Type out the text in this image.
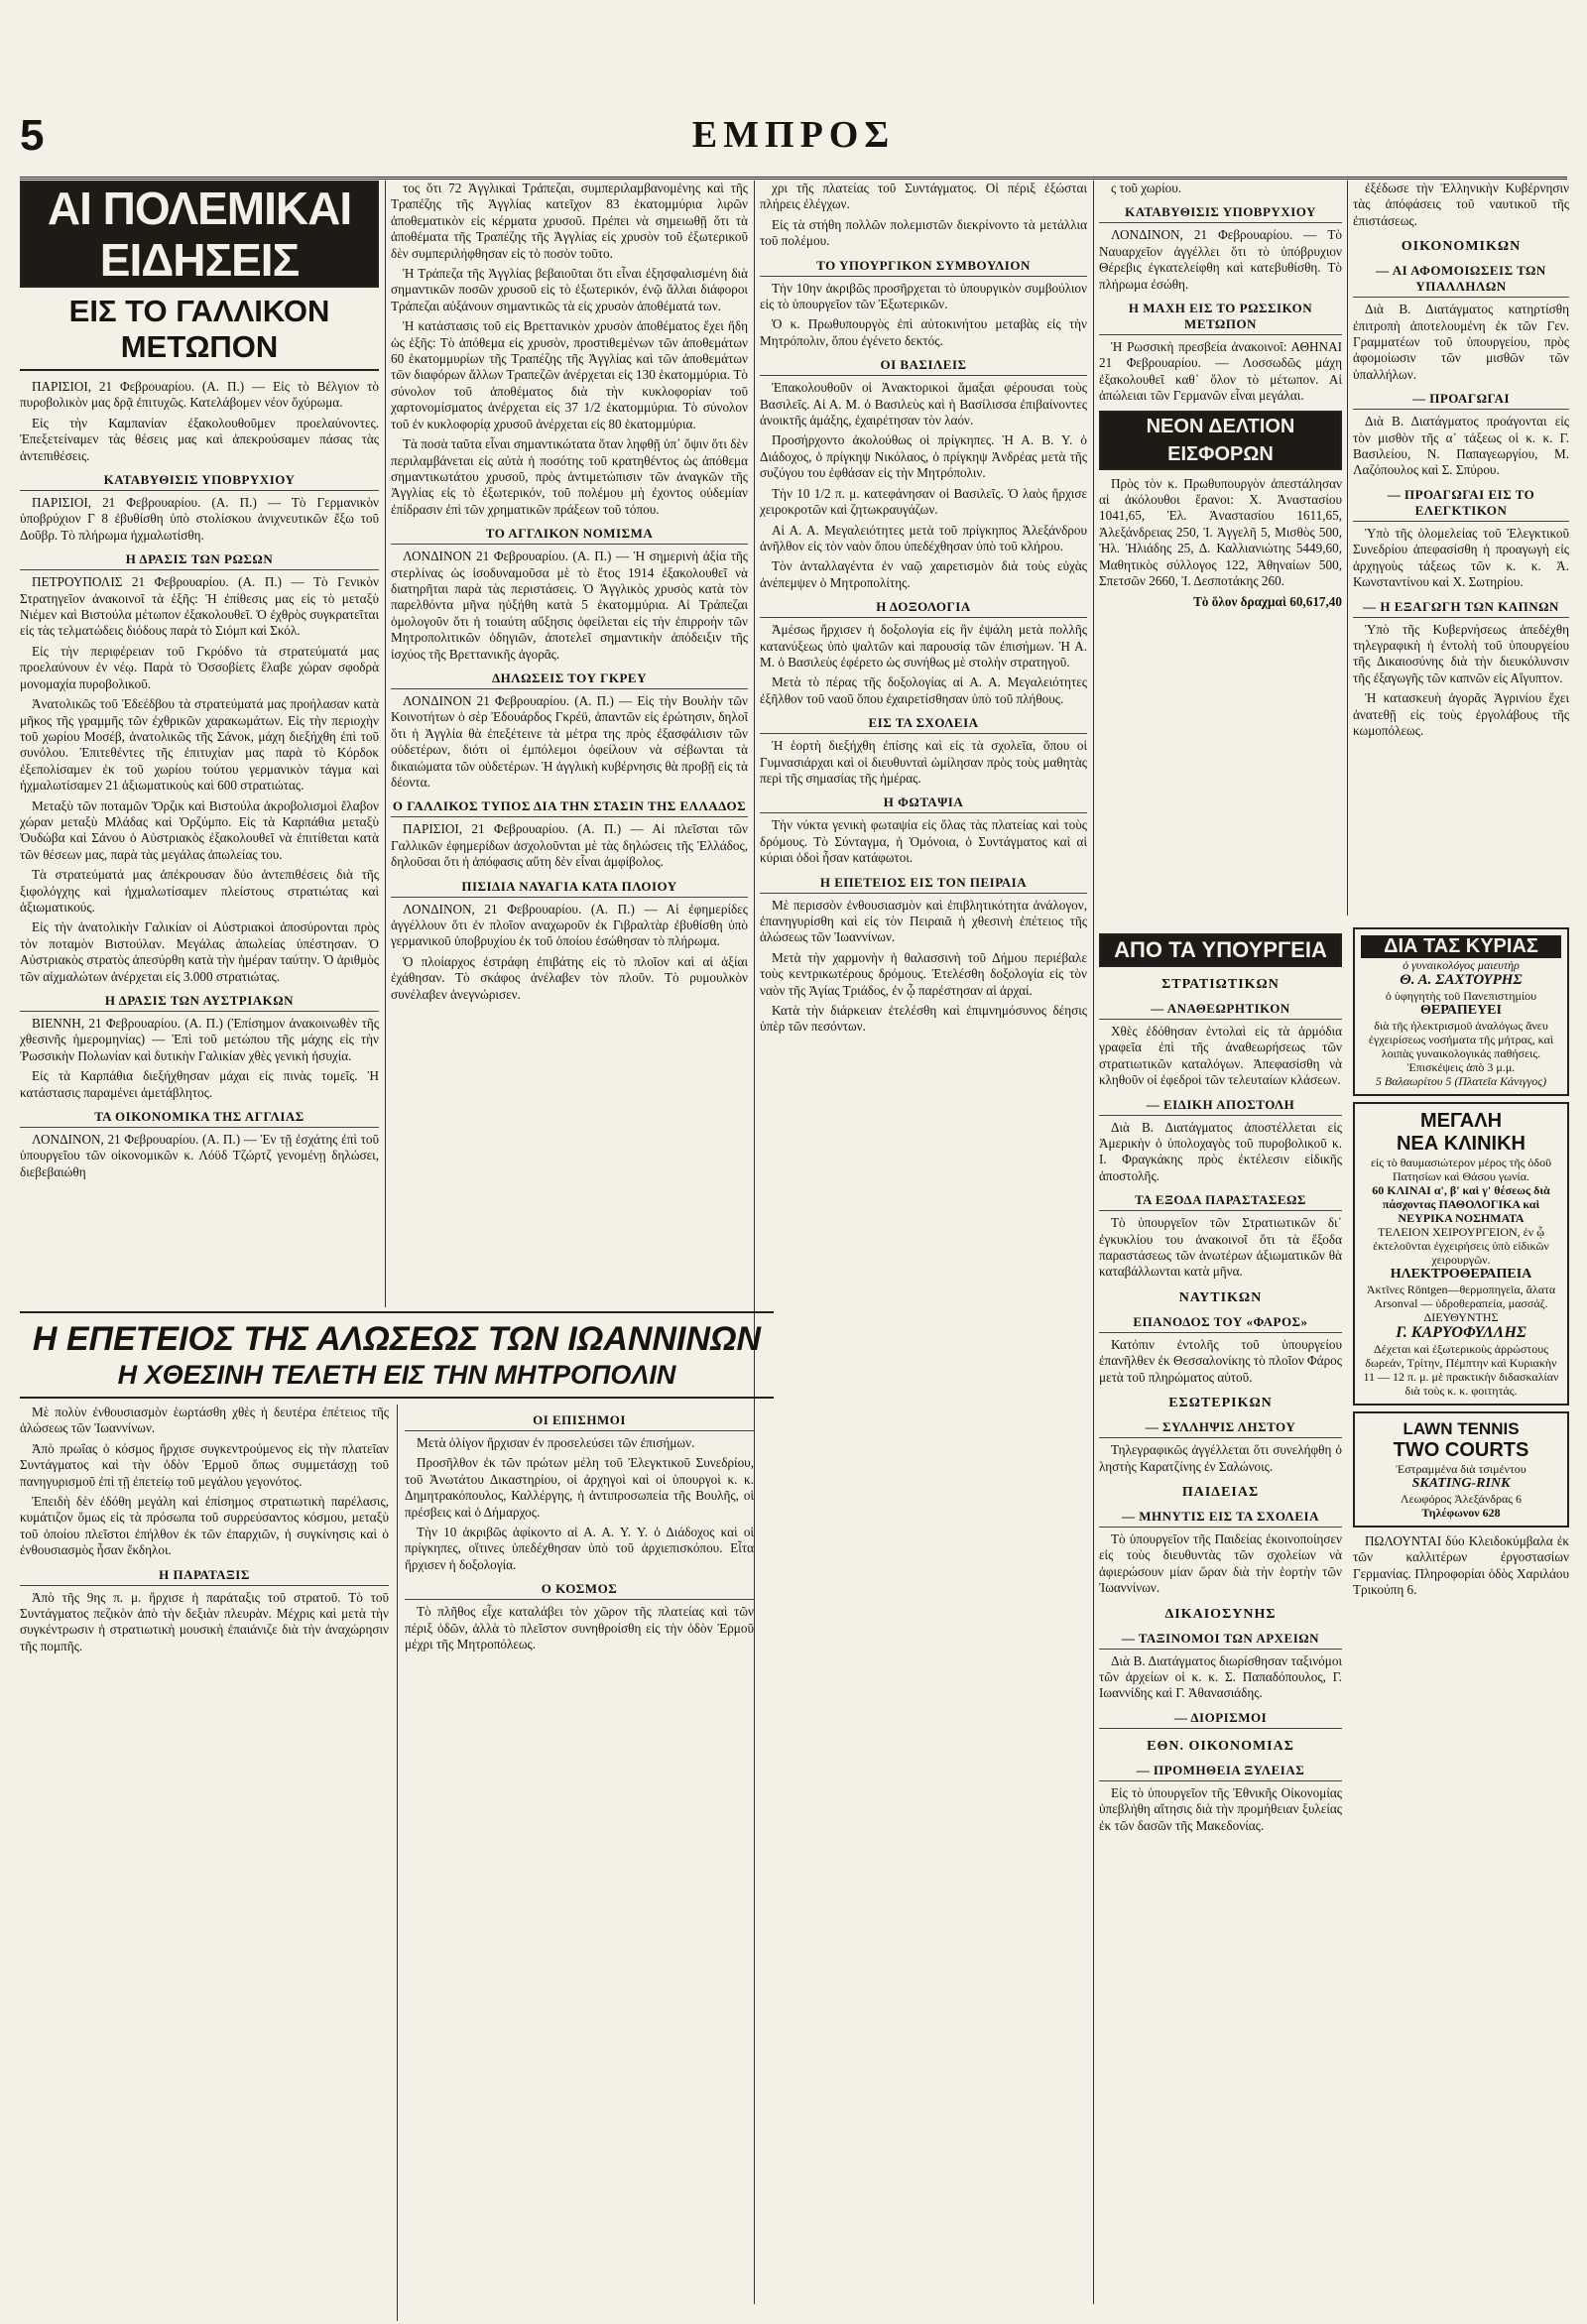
5	ΕΜΠΡΟΣ
ΑΙ ΠΟΛΕΜΙΚΑΙ ΕΙΔΗΣΕΙΣ
ΕΙΣ ΤΟ ΓΑΛΛΙΚΟΝ ΜΕΤΩΠΟΝ

ΠΑΡΙΣΙΟΙ, 21 Φεβρουαρίου. (Α. Π.) — Εἰς τὸ Βέλγιον τὸ πυροβολικὸν μας δρᾷ ἐπιτυχῶς. Κατελάβομεν νέον ὄχύρωμα.

Εἰς τὴν Καμπανίαν ἐξακολουθοῦμεν προελαύνοντες. Ἐπεξετείναμεν τὰς θέσεις μας καὶ ἀπεκρούσαμεν πάσας τὰς ἀντεπιθέσεις.

ΚΑΤΑΒΥΘΙΣΙΣ ΥΠΟΒΡΥΧΙΟΥ

ΠΑΡΙΣΙΟΙ, 21 Φεβρουαρίου. (Α. Π.) — Τὸ Γερμανικὸν ὑποβρύχιον Γ 8 ἐβυθίσθη ὑπὸ στολίσκου ἀνιχνευτικῶν ἔξω τοῦ Δοῦβρ. Τὸ πλήρωμα ἠχμαλωτίσθη.

Η ΔΡΑΣΙΣ ΤΩΝ ΡΩΣΩΝ

ΠΕΤΡΟΥΠΟΛΙΣ 21 Φεβρουαρίου. (Α. Π.) — Τὸ Γενικὸν Στρατηγεῖον ἀνακοινοῖ τὰ ἑξῆς: Ἡ ἐπίθεσις μας εἰς τὸ μεταξὺ Νιέμεν καὶ Βιστούλα μέτωπον ἐξακολουθεῖ. Ὁ ἐχθρὸς συγκρατεῖται εἰς τὰς τελματώδεις διόδους παρὰ τὸ Σιόμπ καὶ Σκόλ.

Εἰς τὴν περιφέρειαν τοῦ Γκρόδνο τὰ στρατεύματά μας προελαύνουν ἐν νέῳ. Παρὰ τὸ Ὀσσοβίετς ἔλαβε χώραν σφοδρὰ μονομαχία πυροβολικοῦ.

Ἀνατολικῶς τοῦ Ἐδεέδβου τὰ στρατεύματά μας προήλασαν κατὰ μῆκος τῆς γραμμῆς τῶν ἐχθρικῶν χαρακωμάτων. Εἰς τὴν περιοχὴν τοῦ χωρίου Μοσέβ, ἀνατολικῶς τῆς Σάνοκ, μάχη διεξήχθη ἐπὶ τοῦ συνόλου. Ἐπιτεθέντες τῆς ἐπιτυχίαν μας παρὰ τὸ Κόρδοκ ἐξεπολίσαμεν ἐκ τοῦ χωρίου τούτου γερμανικὸν τάγμα καὶ ἠχμαλωτίσαμεν 21 ἀξιωματικοὺς καὶ 600 στρατιώτας.

Μεταξὺ τῶν ποταμῶν Ὄρζικ καὶ Βιστούλα ἀκροβολισμοὶ ἔλαβον χώραν μεταξὺ Μλάδας καὶ Ὀρζύμπο. Εἰς τὰ Καρπάθια μεταξὺ Ὀυδώβα καὶ Σάνου ὁ Αὐστριακὸς ἐξακολουθεῖ νὰ ἐπιτίθεται κατὰ τῶν θέσεων μας, παρὰ τὰς μεγάλας ἀπωλείας του.

Τὰ στρατεύματά μας ἀπέκρουσαν δύο ἀντεπιθέσεις διὰ τῆς ξιφολόγχης καὶ ἠχμαλωτίσαμεν πλείστους στρατιώτας καὶ ἀξιωματικούς.

Εἰς τὴν ἀνατολικὴν Γαλικίαν οἱ Αὐστριακοὶ ἀποσύρονται πρὸς τὸν ποταμὸν Βιστούλαν. Μεγάλας ἀπωλείας ὑπέστησαν. Ὁ Αὐστριακὸς στρατὸς ἀπεσύρθη κατὰ τὴν ἡμέραν ταύτην. Ὁ ἀριθμὸς τῶν αἰχμαλώτων ἀνέρχεται εἰς 3.000 στρατιώτας.

Η ΔΡΑΣΙΣ ΤΩΝ ΑΥΣΤΡΙΑΚΩΝ

ΒΙΕΝΝΗ, 21 Φεβρουαρίου. (Α. Π.) (Ἐπίσημον ἀνακοινωθὲν τῆς χθεσινῆς ἡμερομηνίας) — Ἐπὶ τοῦ μετώπου τῆς μάχης εἰς τὴν Ῥωσσικὴν Πολωνίαν καὶ δυτικὴν Γαλικίαν χθὲς γενικὴ ἡσυχία.

Εἰς τὰ Καρπάθια διεξήχθησαν μάχαι εἰς πινὰς τομεῖς. Ἡ κατάστασις παραμένει ἀμετάβλητος.

ΤΑ ΟΙΚΟΝΟΜΙΚΑ ΤΗΣ ΑΓΓΛΙΑΣ

ΛΟΝΔΙΝΟΝ, 21 Φεβρουαρίου. (Α. Π.) — Ἐν τῇ ἐσχάτης ἐπὶ τοῦ ὑπουργεῖου τῶν οἰκονομικῶν κ. Λόϋδ Τζώρτζ γενομένῃ δηλώσει, διεβεβαιώθη

τος ὅτι 72 Ἀγγλικαὶ Τράπεζαι, συμπεριλαμβανομένης καὶ τῆς Τραπέζης τῆς Ἀγγλίας κατεῖχον 83 ἑκατομμύρια λιρῶν ἀποθεματικὸν εἰς κέρματα χρυσοῦ. Πρέπει νὰ σημειωθῇ ὅτι τὰ ἀποθέματα τῆς Τραπέζης τῆς Ἀγγλίας εἰς χρυσὸν τοῦ ἐξωτερικοῦ δὲν συμπεριλήφθησαν εἰς τὸ ποσὸν τοῦτο.

Ἡ Τράπεζα τῆς Ἀγγλίας βεβαιοῦται ὅτι εἶναι ἐξησφαλισμένη διὰ σημαντικῶν ποσῶν χρυσοῦ εἰς τὸ ἐξωτερικόν, ἐνῷ ἄλλαι διάφοροι Τράπεζαι αὐξάνουν σημαντικῶς τὰ εἰς χρυσὸν ἀποθέματά των.

Ἡ κατάστασις τοῦ εἰς Βρεττανικὸν χρυσὸν ἀποθέματος ἔχει ἤδη ὡς ἑξῆς: Τὸ ἀπόθεμα εἰς χρυσὸν, προστιθεμένων τῶν ἀποθεμάτων 60 ἑκατομμυρίων τῆς Τραπέζης τῆς Ἀγγλίας καὶ τῶν ἀποθεμάτων τῶν διαφόρων ἄλλων Τραπεζῶν ἀνέρχεται εἰς 130 ἑκατομμύρια. Τὸ σύνολον τοῦ ἀποθέματος διὰ τὴν κυκλοφορίαν τοῦ χαρτονομίσματος ἀνέρχεται εἰς 37 1/2 ἑκατομμύρια. Τὸ σύνολον τοῦ ἐν κυκλοφορίᾳ χρυσοῦ ἀνέρχεται εἰς 80 ἑκατομμύρια.

Τὰ ποσὰ ταῦτα εἶναι σημαντικώτατα ὅταν ληφθῇ ὑπ᾽ ὄψιν ὅτι δὲν περιλαμβάνεται εἰς αὐτὰ ἡ ποσότης τοῦ κρατηθέντος ὡς ἀπόθεμα σημαντικωτάτου χρυσοῦ, πρὸς ἀντιμετώπισιν τῶν ἀναγκῶν τῆς Ἀγγλίας εἰς τὸ ἐξωτερικόν, τοῦ πολέμου μὴ ἐχοντος οὐδεμίαν ἐπίδρασιν ἐπὶ τῶν χρηματικῶν πράξεων τοῦ τόπου.

ΤΟ ΑΓΓΛΙΚΟΝ ΝΟΜΙΣΜΑ

ΛΟΝΔΙΝΟΝ 21 Φεβρουαρίου. (Α. Π.) — Ἡ σημερινὴ ἀξία τῆς στερλίνας ὡς ἰσοδυναμοῦσα μὲ τὸ ἔτος 1914 ἐξακολουθεῖ νὰ διατηρῆται παρὰ τὰς περιστάσεις. Ὁ Ἀγγλικὸς χρυσὸς κατὰ τὸν παρελθόντα μῆνα ηὐξήθη κατὰ 5 ἑκατομμύρια. Αἱ Τράπεζαι ὁμολογοῦν ὅτι ἡ τοιαύτη αὔξησις ὀφείλεται εἰς τὴν ἐπιρροὴν τῶν Μητροπολιτικῶν ὁδηγιῶν, ἀποτελεῖ σημαντικὴν ἀπόδειξιν τῆς ἰσχύος τῆς Βρεττανικῆς ἀγορᾶς.

ΔΗΛΩΣΕΙΣ ΤΟΥ ΓΚΡΕΥ

ΛΟΝΔΙΝΟΝ 21 Φεβρουαρίου. (Α. Π.) — Εἰς τὴν Βουλὴν τῶν Κοινοτήτων ὁ σὲρ Ἐδουάρδος Γκρέϋ, ἀπαντῶν εἰς ἐρώτησιν, δηλοῖ ὅτι ἡ Ἀγγλία θὰ ἐπεξέτεινε τὰ μέτρα της πρὸς ἐξασφάλισιν τῶν οὐδετέρων, διότι οἱ ἐμπόλεμοι ὀφείλουν νὰ σέβωνται τὰ δικαιώματα τῶν οὐδετέρων. Ἡ ἀγγλικὴ κυβέρνησις θὰ προβῇ εἰς τὰ δέοντα.

Ο ΓΑΛΛΙΚΟΣ ΤΥΠΟΣ ΔΙΑ ΤΗΝ ΣΤΑΣΙΝ ΤΗΣ ΕΛΛΑΔΟΣ

ΠΑΡΙΣΙΟΙ, 21 Φεβρουαρίου. (Α. Π.) — Αἱ πλεῖσται τῶν Γαλλικῶν ἐφημερίδων ἀσχολοῦνται μὲ τὰς δηλώσεις τῆς Ἑλλάδος, δηλοῦσαι ὅτι ἡ ἀπόφασις αὕτη δὲν εἶναι ἀμφίβολος.

ΠΙΣΙΔΙΑ ΝΑΥΑΓΙΑ ΚΑΤΑ ΠΛΟΙΟΥ

ΛΟΝΔΙΝΟΝ, 21 Φεβρουαρίου. (Α. Π.) — Αἱ ἐφημερίδες ἀγγέλλουν ὅτι ἐν πλοῖον αναχωροῦν ἐκ Γιβραλτὰρ ἐβυθίσθη ὑπὸ γερμανικοῦ ὑποβρυχίου ἐκ τοῦ ὁποίου ἐσώθησαν τὸ πλήρωμα.

Ὁ πλοίαρχος ἐστράφη ἐπιβάτης εἰς τὸ πλοῖον καὶ αἱ ἀξίαι ἐχάθησαν. Τὸ σκάφος ἀνέλαβεν τὸν πλοῦν. Τὸ ρυμουλκὸν συνέλαβεν ἀνεγνώρισεν.

Η ΕΠΕΤΕΙΟΣ ΤΗΣ ΑΛΩΣΕΩΣ ΤΩΝ ΙΩΑΝΝΙΝΩΝ
Η ΧΘΕΣΙΝΗ ΤΕΛΕΤΗ ΕΙΣ ΤΗΝ ΜΗΤΡΟΠΟΛΙΝ

Μὲ πολὺν ἐνθουσιασμὸν ἑωρτάσθη χθὲς ἡ δευτέρα ἐπέτειος τῆς ἁλώσεως τῶν Ἰωαννίνων.

Ἀπὸ πρωΐας ὁ κόσμος ἤρχισε συγκεντρούμενος εἰς τὴν πλατεῖαν Συντάγματος καὶ τὴν ὁδὸν Ἑρμοῦ ὅπως συμμετάσχῃ τοῦ πανηγυρισμοῦ ἐπὶ τῇ ἐπετείῳ τοῦ μεγάλου γεγονότος.

Ἐπειδὴ δὲν ἐδόθη μεγάλη καὶ ἐπίσημος στρατιωτικὴ παρέλασις, κυμάτιζον ὅμως εἰς τὰ πρόσωπα τοῦ συρρεύσαντος κόσμου, μεταξὺ τοῦ ὁποίου πλεῖστοι ἐπήλθον ἐκ τῶν ἐπαρχιῶν, ἡ συγκίνησις καὶ ὁ ἐνθουσιασμὸς ἦσαν ἔκδηλοι.

Η ΠΑΡΑΤΑΞΙΣ

Ἀπὸ τῆς 9ης π. μ. ἤρχισε ἡ παράταξις τοῦ στρατοῦ. Τὸ τοῦ Συντάγματος πεζικὸν ἀπὸ τὴν δεξιὰν πλευρὰν. Μέχρις καὶ μετὰ τὴν συγκέντρωσιν ἡ στρατιωτικὴ μουσικὴ ἐπαιάνιζε διὰ τὴν ἀναχώρησιν τῆς πομπῆς.

ΟΙ ΕΠΙΣΗΜΟΙ

Μετὰ ὀλίγον ἤρχισαν ἐν προσελεύσει τῶν ἐπισήμων.

Προσῆλθον ἐκ τῶν πρώτων μέλη τοῦ Ἐλεγκτικοῦ Συνεδρίου, τοῦ Ἀνωτάτου Δικαστηρίου, οἱ ἀρχηγοὶ καὶ οἱ ὑπουργοὶ κ. κ. Δημητρακόπουλος, Καλλέργης, ἡ ἀντιπροσωπεία τῆς Βουλῆς, οἱ πρέσβεις καὶ ὁ Δήμαρχος.

Τὴν 10 ἀκριβῶς ἀφίκοντο αἱ Α. Α. Υ. Υ. ὁ Διάδοχος καὶ οἱ πρίγκηπες, οἵτινες ὑπεδέχθησαν ὑπὸ τοῦ ἀρχιεπισκόπου. Εἶτα ἤρχισεν ἡ δοξολογία.

Ο ΚΟΣΜΟΣ

Τὸ πλῆθος εἶχε καταλάβει τὸν χῶρον τῆς πλατείας καὶ τῶν πέριξ ὁδῶν, ἀλλὰ τὸ πλεῖστον συνηθροίσθη εἰς τὴν ὁδὸν Ἑρμοῦ μέχρι τῆς Μητροπόλεως.

χρι τῆς πλατείας τοῦ Συντάγματος. Οἱ πέριξ ἐξώσται πλήρεις ἐλέγχων.

Εἰς τὰ στήθη πολλῶν πολεμιστῶν διεκρίνοντο τὰ μετάλλια τοῦ πολέμου.

ΤΟ ΥΠΟΥΡΓΙΚΟΝ ΣΥΜΒΟΥΛΙΟΝ

Τὴν 10ην ἀκριβῶς προσῆρχεται τὸ ὑπουργικὸν συμβούλιον εἰς τὸ ὑπουργεῖον τῶν Ἐξωτερικῶν.

Ὁ κ. Πρωθυπουργὸς ἐπὶ αὐτοκινήτου μεταβὰς εἰς τὴν Μητρόπολιν, ὅπου ἐγένετο δεκτός.

ΟΙ ΒΑΣΙΛΕΙΣ

Ἐπακολουθοῦν οἱ Ἀνακτορικοὶ ἅμαξαι φέρουσαι τοὺς Βασιλεῖς. Αἱ Α. Μ. ὁ Βασιλεὺς καὶ ἡ Βασίλισσα ἐπιβαίνοντες ἀνοικτῆς ἁμάξης, ἐχαιρέτησαν τὸν λαόν.

Προσήρχοντο ἀκολούθως οἱ πρίγκηπες. Ἡ Α. Β. Υ. ὁ Διάδοχος, ὁ πρίγκηψ Νικόλαος, ὁ πρίγκηψ Ἀνδρέας μετὰ τῆς συζύγου του ἐφθάσαν εἰς τὴν Μητρόπολιν.

Τὴν 10 1/2 π. μ. κατεφάνησαν οἱ Βασιλεῖς. Ὁ λαὸς ἤρχισε χειροκροτῶν καὶ ζητωκραυγάζων.

Αἱ Α. Α. Μεγαλειότητες μετὰ τοῦ πρίγκηπος Ἀλεξάνδρου ἀνῆλθον εἰς τὸν ναὸν ὅπου ὑπεδέχθησαν ὑπὸ τοῦ κλήρου.

Τὸν ἀνταλλαγέντα ἐν ναῷ χαιρετισμὸν διὰ τοὺς εὐχὰς ἀνέπεμψεν ὁ Μητροπολίτης.

Η ΔΟΞΟΛΟΓΙΑ

Ἀμέσως ἤρχισεν ἡ δοξολογία εἰς ἣν ἐψάλη μετὰ πολλῆς κατανύξεως ὑπὸ ψαλτῶν καὶ παρουσίᾳ τῶν ἐπισήμων. Ἡ Α. Μ. ὁ Βασιλεὺς ἐφέρετο ὡς συνήθως μὲ στολὴν στρατηγοῦ.

Μετὰ τὸ πέρας τῆς δοξολογίας αἱ Α. Α. Μεγαλειότητες ἐξῆλθον τοῦ ναοῦ ὅπου ἐχαιρετίσθησαν ὑπὸ τοῦ πλήθους.

ΕΙΣ ΤΑ ΣΧΟΛΕΙΑ

Ἡ ἑορτὴ διεξήχθη ἐπίσης καὶ εἰς τὰ σχολεῖα, ὅπου οἱ Γυμνασιάρχαι καὶ οἱ διευθυνταὶ ὡμίλησαν πρὸς τοὺς μαθητὰς περὶ τῆς σημασίας τῆς ἡμέρας.

Η ΦΩΤΑΨΙΑ

Τὴν νύκτα γενικὴ φωταψία εἰς ὅλας τὰς πλατείας καὶ τοὺς δρόμους. Τὸ Σύνταγμα, ἡ Ὁμόνοια, ὁ Συντάγματος καὶ αἱ κύριαι ὁδοὶ ἦσαν κατάφωτοι.

Η ΕΠΕΤΕΙΟΣ ΕΙΣ ΤΟΝ ΠΕΙΡΑΙΑ

Μὲ περισσὸν ἐνθουσιασμὸν καὶ ἐπιβλητικότητα ἀνάλογον, ἐπανηγυρίσθη καὶ εἰς τὸν Πειραιᾶ ἡ χθεσινὴ ἐπέτειος τῆς ἁλώσεως τῶν Ἰωαννίνων.

Μετὰ τὴν χαρμονὴν ἡ θαλασσινὴ τοῦ Δήμου περιέβαλε τοὺς κεντρικωτέρους δρόμους. Ἐτελέσθη δοξολογία εἰς τὸν ναὸν τῆς Ἁγίας Τριάδος, ἐν ᾧ παρέστησαν αἱ ἀρχαί.

Κατὰ τὴν διάρκειαν ἐτελέσθη καὶ ἐπιμνημόσυνος δέησις ὑπὲρ τῶν πεσόντων.

ς τοῦ χωρίου.

ΚΑΤΑΒΥΘΙΣΙΣ ΥΠΟΒΡΥΧΙΟΥ

ΛΟΝΔΙΝΟΝ, 21 Φεβρουαρίου. — Τὸ Ναυαρχεῖον ἀγγέλλει ὅτι τὸ ὑπόβρυχιον Θέρεβις ἐγκατελείφθη καὶ κατεβυθίσθη. Τὸ πλήρωμα ἐσώθη.

Η ΜΑΧΗ ΕΙΣ ΤΟ ΡΩΣΣΙΚΟΝ ΜΕΤΩΠΟΝ

Ἡ Ρωσσικὴ πρεσβεία ἀνακοινοῖ: ΑΘΗΝΑΙ 21 Φεβρουαρίου. — Λοσσωδῶς μάχη ἐξακολουθεῖ καθ᾽ ὅλον τὸ μέτωπον. Αἱ ἀπώλειαι τῶν Γερμανῶν εἶναι μεγάλαι.

ΝΕΟΝ ΔΕΛΤΙΟΝ ΕΙΣΦΟΡΩΝ

Πρὸς τὸν κ. Πρωθυπουργὸν ἀπεστάλησαν αἱ ἀκόλουθοι ἔρανοι: Χ. Ἀναστασίου 1041,65, Ἑλ. Ἀναστασίου 1611,65, Ἀλεξάνδρειας 250, Ἰ. Ἀγγελῆ 5, Μισθὸς 500, Ἠλ. Ἠλιάδης 25, Δ. Καλλιανιώτης 5449,60, Μαθητικὸς σύλλογος 122, Ἀθηναίων 500, Σπετσῶν 2660, Ἰ. Δεσποτάκης 260.

Τὸ ὅλον δραχμαὶ 60,617,40

ΑΠΟ ΤΑ ΥΠΟΥΡΓΕΙΑ
ΣΤΡΑΤΙΩΤΙΚΩΝ
— ΑΝΑΘΕΩΡΗΤΙΚΟΝ

Χθὲς ἐδόθησαν ἐντολαὶ εἰς τὰ ἀρμόδια γραφεῖα ἐπὶ τῆς ἀναθεωρήσεως τῶν στρατιωτικῶν καταλόγων. Ἀπεφασίσθη νὰ κληθοῦν οἱ ἐφεδροὶ τῶν τελευταίων κλάσεων.

— ΕΙΔΙΚΗ ΑΠΟΣΤΟΛΗ

Διὰ Β. Διατάγματος ἀποστέλλεται εἰς Ἀμερικὴν ὁ ὑπολοχαγὸς τοῦ πυροβολικοῦ κ. Ι. Φραγκάκης πρὸς ἐκτέλεσιν εἰδικῆς ἀποστολῆς.

ΤΑ ΕΞΟΔΑ ΠΑΡΑΣΤΑΣΕΩΣ

Τὸ ὑπουργεῖον τῶν Στρατιωτικῶν δι᾽ ἐγκυκλίου του ἀνακοινοῖ ὅτι τὰ ἔξοδα παραστάσεως τῶν ἀνωτέρων ἀξιωματικῶν θὰ καταβάλλωνται κατὰ μῆνα.

ΝΑΥΤΙΚΩΝ
ΕΠΑΝΟΔΟΣ ΤΟΥ «ΦΑΡΟΣ»

Κατόπιν ἐντολῆς τοῦ ὑπουργείου ἐπανῆλθεν ἐκ Θεσσαλονίκης τὸ πλοῖον Φάρος μετὰ τοῦ πληρώματος αὐτοῦ.

ΕΣΩΤΕΡΙΚΩΝ
— ΣΥΛΛΗΨΙΣ ΛΗΣΤΟΥ

Τηλεγραφικῶς ἀγγέλλεται ὅτι συνελήφθη ὁ ληστὴς Καρατζίνης ἐν Σαλώνοις.

ΠΑΙΔΕΙΑΣ
— ΜΗΝΥΤΙΣ ΕΙΣ ΤΑ ΣΧΟΛΕΙΑ

Τὸ ὑπουργεῖον τῆς Παιδείας ἐκοινοποίησεν εἰς τοὺς διευθυντὰς τῶν σχολείων νὰ ἀφιερώσουν μίαν ὥραν διὰ τὴν ἑορτὴν τῶν Ἰωαννίνων.

ΔΙΚΑΙΟΣΥΝΗΣ
— ΤΑΞΙΝΟΜΟΙ ΤΩΝ ΑΡΧΕΙΩΝ

Διὰ Β. Διατάγματος διωρίσθησαν ταξινόμοι τῶν ἀρχείων οἱ κ. κ. Σ. Παπαδόπουλος, Γ. Ιωαννίδης καὶ Γ. Ἀθανασιάδης.

— ΔΙΟΡΙΣΜΟΙ
ΕΘΝ. ΟΙΚΟΝΟΜΙΑΣ
— ΠΡΟΜΗΘΕΙΑ ΞΥΛΕΙΑΣ

Εἰς τὸ ὑπουργεῖον τῆς Ἐθνικῆς Οἰκονομίας ὑπεβλήθη αἴτησις διὰ τὴν προμήθειαν ξυλείας ἐκ τῶν δασῶν τῆς Μακεδονίας.

ἐξέδωσε τὴν Ἑλληνικὴν Κυβέρνησιν τὰς ἀπόφάσεις τοῦ ναυτικοῦ τῆς ἐπιστάσεως.

ΟΙΚΟΝΟΜΙΚΩΝ
— ΑΙ ΑΦΟΜΟΙΩΣΕΙΣ ΤΩΝ ΥΠΑΛΛΗΛΩΝ

Διὰ Β. Διατάγματος κατηρτίσθη ἐπιτροπὴ ἀποτελουμένη ἐκ τῶν Γεν. Γραμματέων τοῦ ὑπουργείου, πρὸς ἀφομοίωσιν τῶν μισθῶν τῶν ὑπαλλήλων.

— ΠΡΟΑΓΩΓΑΙ

Διὰ Β. Διατάγματος προάγονται εἰς τὸν μισθὸν τῆς α᾽ τάξεως οἱ κ. κ. Γ. Βασιλείου, Ν. Παπαγεωργίου, Μ. Λαζόπουλος καὶ Σ. Σπύρου.

— ΠΡΟΑΓΩΓΑΙ ΕΙΣ ΤΟ ΕΛΕΓΚΤΙΚΟΝ

Ὑπὸ τῆς ὁλομελείας τοῦ Ἐλεγκτικοῦ Συνεδρίου ἀπεφασίσθη ἡ προαγωγὴ εἰς ἀρχηγοὺς τάξεως τῶν κ. κ. Ἀ. Κωνσταντίνου καὶ Χ. Σωτηρίου.

— Η ΕΞΑΓΩΓΗ ΤΩΝ ΚΑΠΝΩΝ

Ὑπὸ τῆς Κυβερνήσεως ἀπεδέχθη τηλεγραφικὴ ἡ ἐντολὴ τοῦ ὑπουργείου τῆς Δικαιοσύνης διὰ τὴν διευκόλυνσιν τῆς ἐξαγωγῆς τῶν καπνῶν εἰς Αἴγυπτον.

Ἡ κατασκευὴ ἀγορᾶς Ἀγρινίου ἔχει ἀνατεθῇ εἰς τοὺς ἐργολάβους τῆς κωμοπόλεως.

ΔΙΑ ΤΑΣ ΚΥΡΙΑΣ
ὁ γυναικολόγος μαιευτὴρ
Θ. Α. ΣΑΧΤΟΥΡΗΣ
ὁ ὑφηγητὴς τοῦ Πανεπιστημίου
ΘΕΡΑΠΕΥΕΙ
διὰ τῆς ἠλεκτρισμοῦ ἀναλόγως ἄνευ ἐγχειρίσεως νοσήματα τῆς μήτρας, καὶ λοιπὰς γυναικολογικάς παθήσεις. Ἐπισκέψεις ἀπὸ 3 μ.μ.
5 Βαλαωρίτου 5 (Πλατεῖα Κάνιγγος)
ΜΕΓΑΛΗ
ΝΕΑ ΚΛΙΝΙΚΗ
εἰς τὸ θαυμασιώτερον μέρος τῆς ὁδοῦ Πατησίων καὶ Θάσου γωνία.
60 ΚΛΙΝΑΙ α', β' καὶ γ' θέσεως διὰ πάσχοντας ΠΑΘΟΛΟΓΙΚΑ καὶ ΝΕΥΡΙΚΑ ΝΟΣΗΜΑΤΑ
ΤΕΛΕΙΟΝ ΧΕΙΡΟΥΡΓΕΙΟΝ, ἐν ᾧ ἐκτελοῦνται ἐγχειρήσεις ὑπὸ εἰδικῶν χειρουργῶν.
ΗΛΕΚΤΡΟΘΕΡΑΠΕΙΑ
Ἀκτῖνες Röntgen—θερμοπηγεῖα, ἄλατα Arsonval — ὑδροθεραπεία, μασσάζ.
ΔΙΕΥΘΥΝΤΗΣ
Γ. ΚΑΡΥΟΦΥΛΛΗΣ
Δέχεται καὶ ἐξωτερικοὺς ἀρρώστους δωρεάν, Τρίτην, Πέμπτην καὶ Κυριακὴν 11 — 12 π. μ. μὲ πρακτικὴν διδασκαλίαν διὰ τοὺς κ. κ. φοιτητάς.
LAWN TENNIS
TWO COURTS
Ἐστραμμένα διὰ τσιμέντου
SKATING-RINK
Λεωφόρος Ἀλεξάνδρας 6
Τηλέφωνον 628

ΠΩΛΟΥΝΤΑΙ δύο Κλειδοκύμβαλα ἐκ τῶν καλλιτέρων ἐργοστασίων Γερμανίας. Πληροφορίαι ὁδὸς Χαριλάου Τρικούπη 6.
